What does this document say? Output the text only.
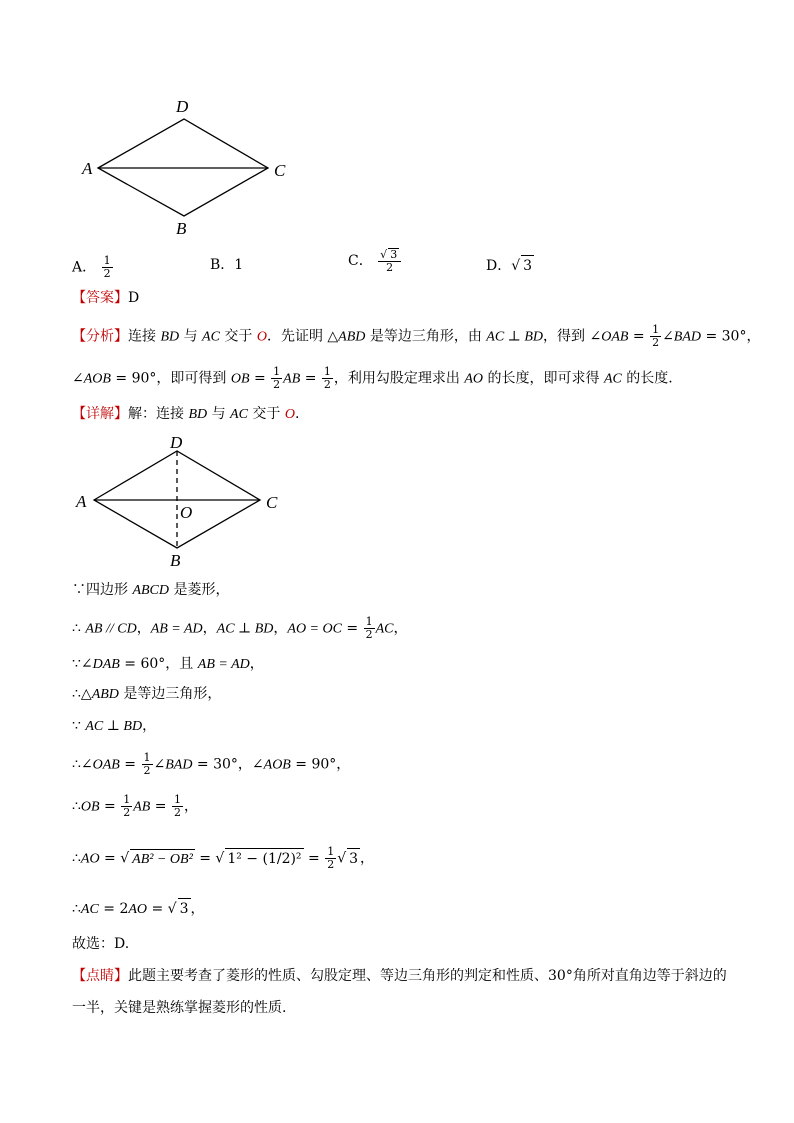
D
A	C
B
A． $\frac{1}{2}$	B．1	C． $\frac{√ 3}{2}$	D．√ 3
【答案】D
【分析】连接 BD 与 AC 交于 O．先证明 △ABD 是等边三角形，由 AC ⊥ BD，得到 ∠OAB = $\frac{1}{2}$ ∠BAD = 30°，
∠AOB = 90°，即可得到 OB = $\frac{1}{2}$ AB = $\frac{1}{2}$ ，利用勾股定理求出 AO 的长度，即可求得 AC 的长度.
【详解】解：连接 BD 与 AC 交于 O.
D
A	C
O
B
∵四边形 ABCD 是菱形，
∴ AB // CD，AB = AD，AC ⊥ BD，AO = OC = $\frac{1}{2}$ AC，
∵∠DAB = 60°，且 AB = AD，
∴△ABD 是等边三角形，
∵ AC ⊥ BD，
∴∠OAB = $\frac{1}{2}$ ∠BAD = 30°，∠AOB = 90°，
∴OB = $\frac{1}{2}$ AB = $\frac{1}{2}$ ，
∴AO = √ AB² − OB² = √ $1^2 - (1/2)^2 = \frac{1}{2}$ √ 3 ，
∴AC = 2AO = √ 3 ，
故选：D.
【点睛】此题主要考查了菱形的性质、勾股定理、等边三角形的判定和性质、30°角所对直角边等于斜边的
一半，关键是熟练掌握菱形的性质.
